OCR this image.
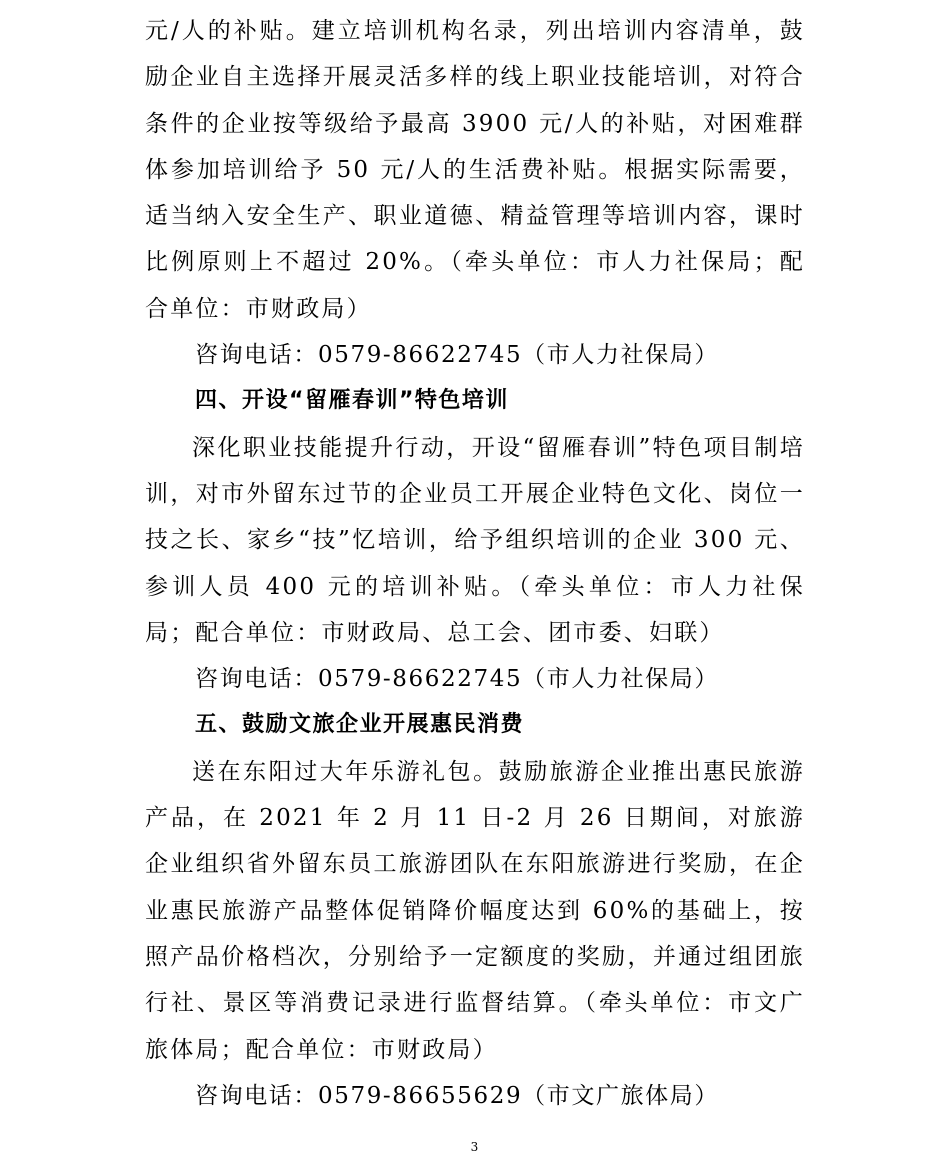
元/人的补贴。建立培训机构名录，列出培训内容清单，鼓励企业自主选择开展灵活多样的线上职业技能培训，对符合条件的企业按等级给予最高 3900 元/人的补贴，对困难群体参加培训给予 50 元/人的生活费补贴。根据实际需要，适当纳入安全生产、职业道德、精益管理等培训内容，课时比例原则上不超过 20%。（牵头单位：市人力社保局；配合单位：市财政局）

咨询电话：0579-86622745（市人力社保局）

四、开设“留雁春训”特色培训

深化职业技能提升行动，开设“留雁春训”特色项目制培训，对市外留东过节的企业员工开展企业特色文化、岗位一技之长、家乡“技”忆培训，给予组织培训的企业 300 元、参训人员 400 元的培训补贴。（牵头单位：市人力社保局；配合单位：市财政局、总工会、团市委、妇联）

咨询电话：0579-86622745（市人力社保局）

五、鼓励文旅企业开展惠民消费

送在东阳过大年乐游礼包。鼓励旅游企业推出惠民旅游产品，在 2021 年 2 月 11 日-2 月 26 日期间，对旅游企业组织省外留东员工旅游团队在东阳旅游进行奖励，在企业惠民旅游产品整体促销降价幅度达到 60%的基础上，按照产品价格档次，分别给予一定额度的奖励，并通过组团旅行社、景区等消费记录进行监督结算。（牵头单位：市文广旅体局；配合单位：市财政局）

咨询电话：0579-86655629（市文广旅体局）

3
